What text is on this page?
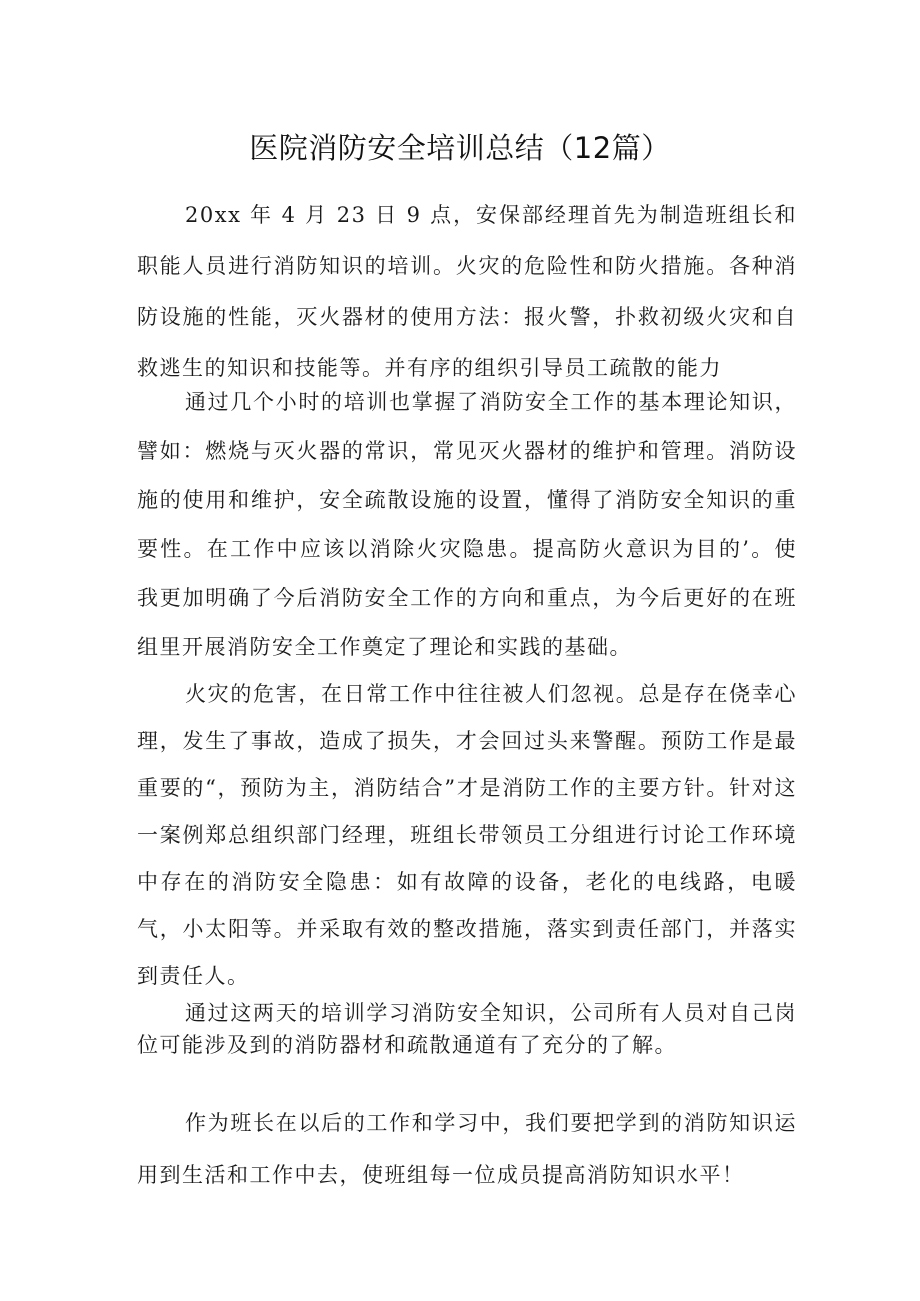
医院消防安全培训总结（12篇）

20xx 年 4 月 23 日 9 点，安保部经理首先为制造班组长和职能人员进行消防知识的培训。火灾的危险性和防火措施。各种消防设施的性能，灭火器材的使用方法：报火警，扑救初级火灾和自救逃生的知识和技能等。并有序的组织引导员工疏散的能力

通过几个小时的培训也掌握了消防安全工作的基本理论知识，譬如：燃烧与灭火器的常识，常见灭火器材的维护和管理。消防设施的使用和维护，安全疏散设施的设置，懂得了消防安全知识的重要性。在工作中应该以消除火灾隐患。提高防火意识为目的’。使我更加明确了今后消防安全工作的方向和重点，为今后更好的在班组里开展消防安全工作奠定了理论和实践的基础。

火灾的危害，在日常工作中往往被人们忽视。总是存在侥幸心理，发生了事故，造成了损失，才会回过头来警醒。预防工作是最重要的“，预防为主，消防结合”才是消防工作的主要方针。针对这一案例郑总组织部门经理，班组长带领员工分组进行讨论工作环境中存在的消防安全隐患：如有故障的设备，老化的电线路，电暖气，小太阳等。并采取有效的整改措施，落实到责任部门，并落实到责任人。

通过这两天的培训学习消防安全知识，公司所有人员对自己岗位可能涉及到的消防器材和疏散通道有了充分的了解。

作为班长在以后的工作和学习中，我们要把学到的消防知识运用到生活和工作中去，使班组每一位成员提高消防知识水平！
